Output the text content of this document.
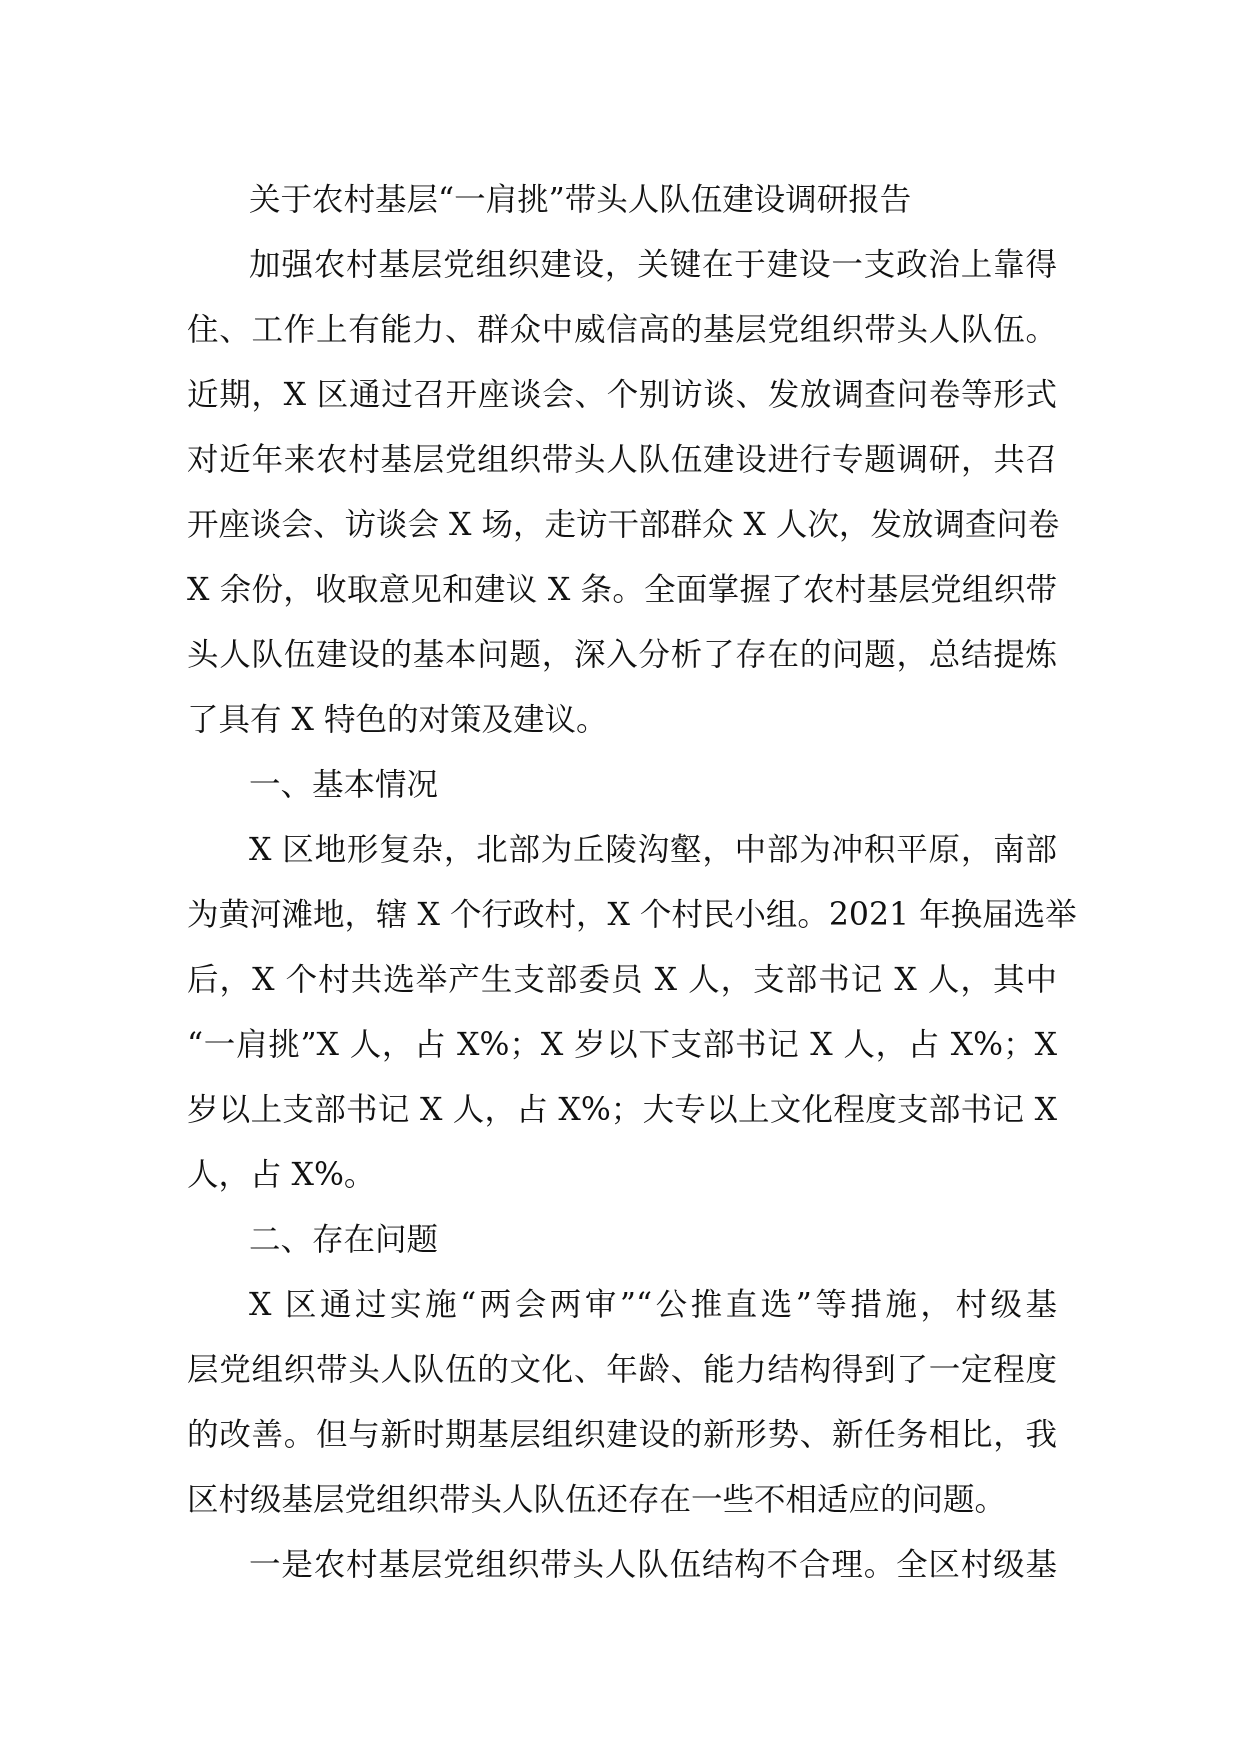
关于农村基层“一肩挑”带头人队伍建设调研报告
加强农村基层党组织建设，关键在于建设一支政治上靠得
住、工作上有能力、群众中威信高的基层党组织带头人队伍。
近期，X 区通过召开座谈会、个别访谈、发放调查问卷等形式
对近年来农村基层党组织带头人队伍建设进行专题调研，共召
开座谈会、访谈会 X 场，走访干部群众 X 人次，发放调查问卷
X 余份，收取意见和建议 X 条。全面掌握了农村基层党组织带
头人队伍建设的基本问题，深入分析了存在的问题，总结提炼
了具有 X 特色的对策及建议。
一、基本情况
X 区地形复杂，北部为丘陵沟壑，中部为冲积平原，南部
为黄河滩地，辖 X 个行政村，X 个村民小组。2021 年换届选举
后，X 个村共选举产生支部委员 X 人，支部书记 X 人，其中
“一肩挑”X 人，占 X%；X 岁以下支部书记 X 人，占 X%；X
岁以上支部书记 X 人，占 X%；大专以上文化程度支部书记 X
人，占 X%。
二、存在问题
X 区通过实施“两会两审”“公推直选”等措施，村级基
层党组织带头人队伍的文化、年龄、能力结构得到了一定程度
的改善。但与新时期基层组织建设的新形势、新任务相比，我
区村级基层党组织带头人队伍还存在一些不相适应的问题。
一是农村基层党组织带头人队伍结构不合理。全区村级基
